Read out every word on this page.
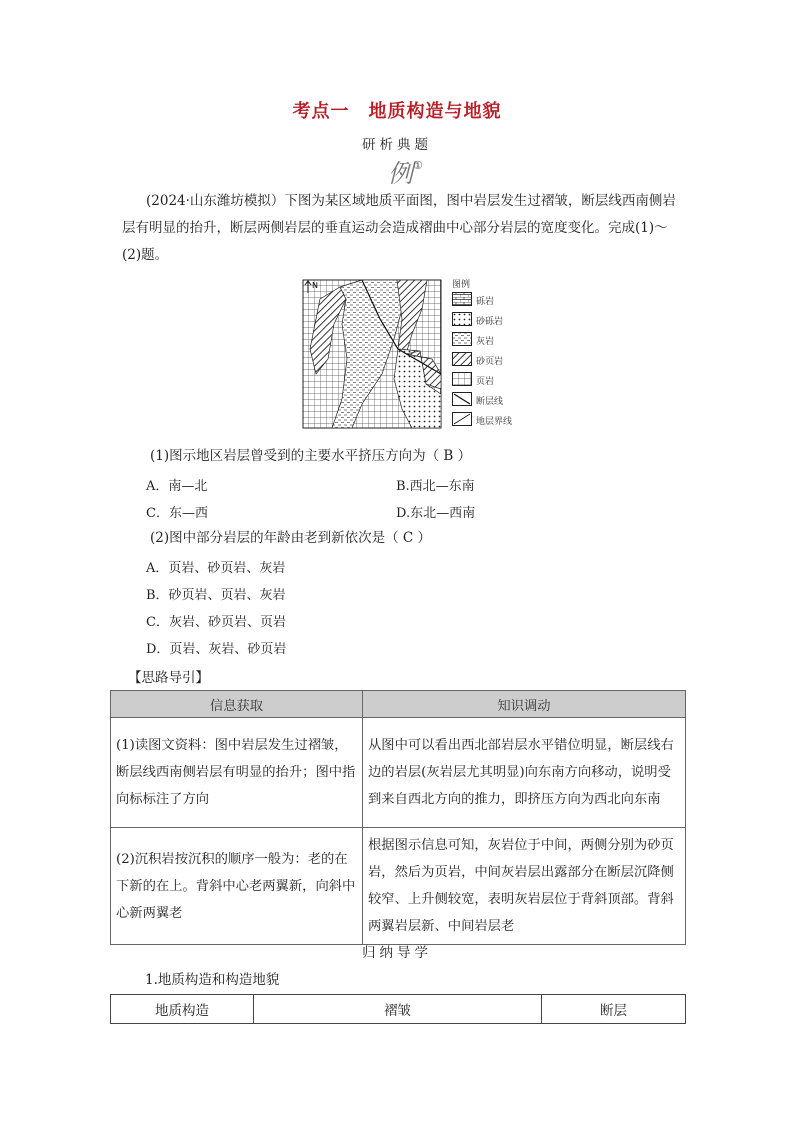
考点一　地质构造与地貌
研析典题
例①
(2024·山东潍坊模拟）下图为某区域地质平面图，图中岩层发生过褶皱，断层线西南侧岩层有明显的抬升，断层两侧岩层的垂直运动会造成褶曲中心部分岩层的宽度变化。完成(1)～(2)题。
N	图例
砾岩
砂砾岩
灰岩
砂页岩
页岩
断层线
地层界线
(1)图示地区岩层曾受到的主要水平挤压方向为（ B ）
A．南—北	B.西北—东南
C．东—西	D.东北—西南
(2)图中部分岩层的年龄由老到新依次是（ C ）
A．页岩、砂页岩、灰岩
B．砂页岩、页岩、灰岩
C．灰岩、砂页岩、页岩
D．页岩、灰岩、砂页岩
【思路导引】
信息获取	知识调动
(1)读图文资料：图中岩层发生过褶皱，断层线西南侧岩层有明显的抬升；图中指向标标注了方向	从图中可以看出西北部岩层水平错位明显，断层线右边的岩层(灰岩层尤其明显)向东南方向移动，说明受到来自西北方向的推力，即挤压方向为西北向东南
(2)沉积岩按沉积的顺序一般为：老的在下新的在上。背斜中心老两翼新，向斜中心新两翼老	根据图示信息可知，灰岩位于中间，两侧分别为砂页岩，然后为页岩，中间灰岩层出露部分在断层沉降侧较窄、上升侧较宽，表明灰岩层位于背斜顶部。背斜两翼岩层新、中间岩层老
归纳导学
1.地质构造和构造地貌
地质构造	褶皱	断层
